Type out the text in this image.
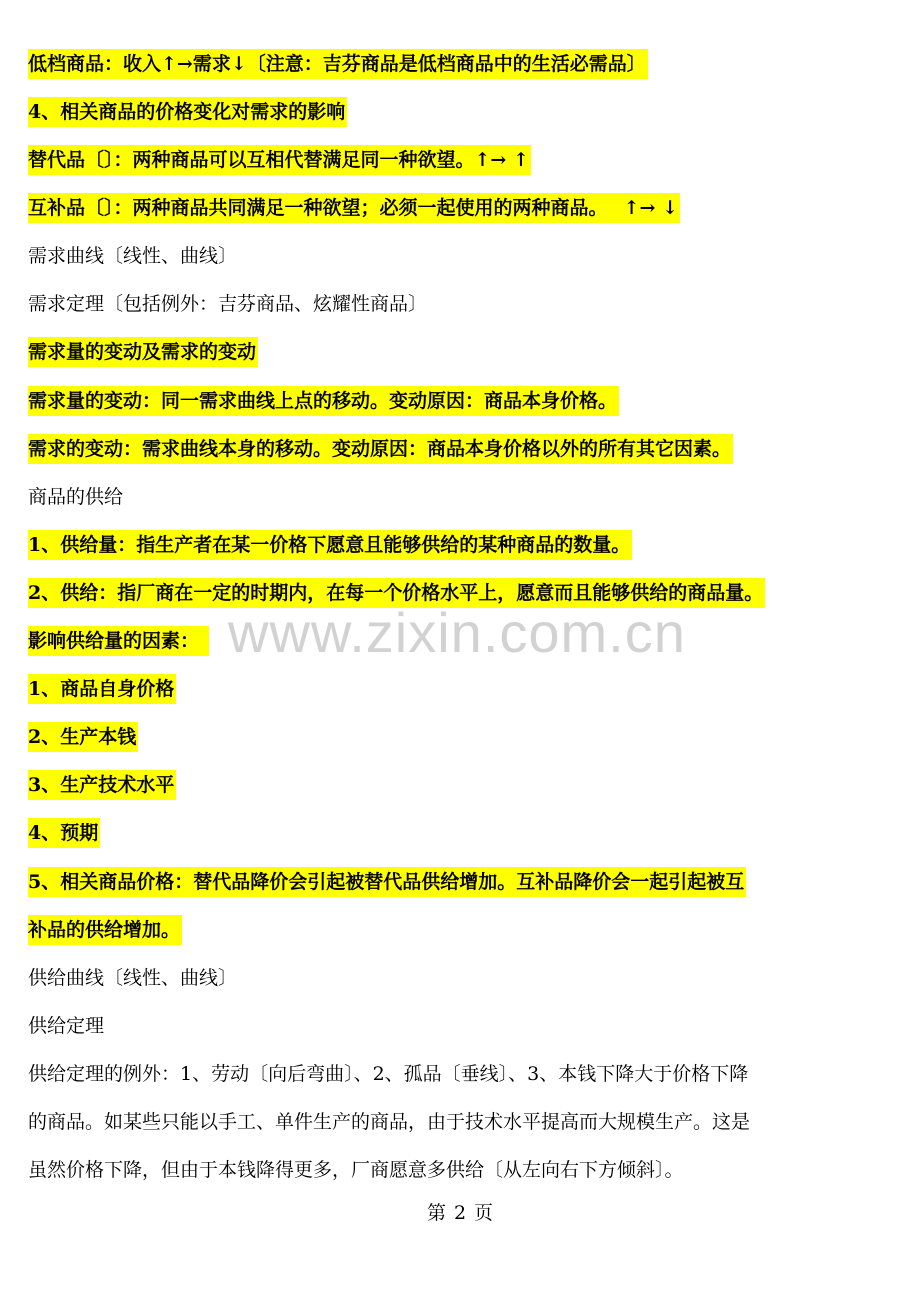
低档商品：收入↑→需求↓〔注意：吉芬商品是低档商品中的生活必需品〕
4、相关商品的价格变化对需求的影响
替代品〔〕：两种商品可以互相代替满足同一种欲望。↑→ ↑
互补品〔〕：两种商品共同满足一种欲望；必须一起使用的两种商品。　 ↑→ ↓
需求曲线〔线性、曲线〕
需求定理〔包括例外：吉芬商品、炫耀性商品〕
需求量的变动及需求的变动
需求量的变动：同一需求曲线上点的移动。变动原因：商品本身价格。
需求的变动：需求曲线本身的移动。变动原因：商品本身价格以外的所有其它因素。
商品的供给
1、供给量：指生产者在某一价格下愿意且能够供给的某种商品的数量。
2、供给：指厂商在一定的时期内，在每一个价格水平上，愿意而且能够供给的商品量。
影响供给量的因素：
1、商品自身价格
2、生产本钱
3、生产技术水平
4、预期
5、相关商品价格：替代品降价会引起被替代品供给增加。互补品降价会一起引起被互
补品的供给增加。
供给曲线〔线性、曲线〕
供给定理
供给定理的例外：1、劳动〔向后弯曲〕、2、孤品〔垂线〕、3、本钱下降大于价格下降
的商品。如某些只能以手工、单件生产的商品，由于技术水平提高而大规模生产。这是
虽然价格下降，但由于本钱降得更多，厂商愿意多供给〔从左向右下方倾斜〕。
www.zixin.com.cn
第 2 页
